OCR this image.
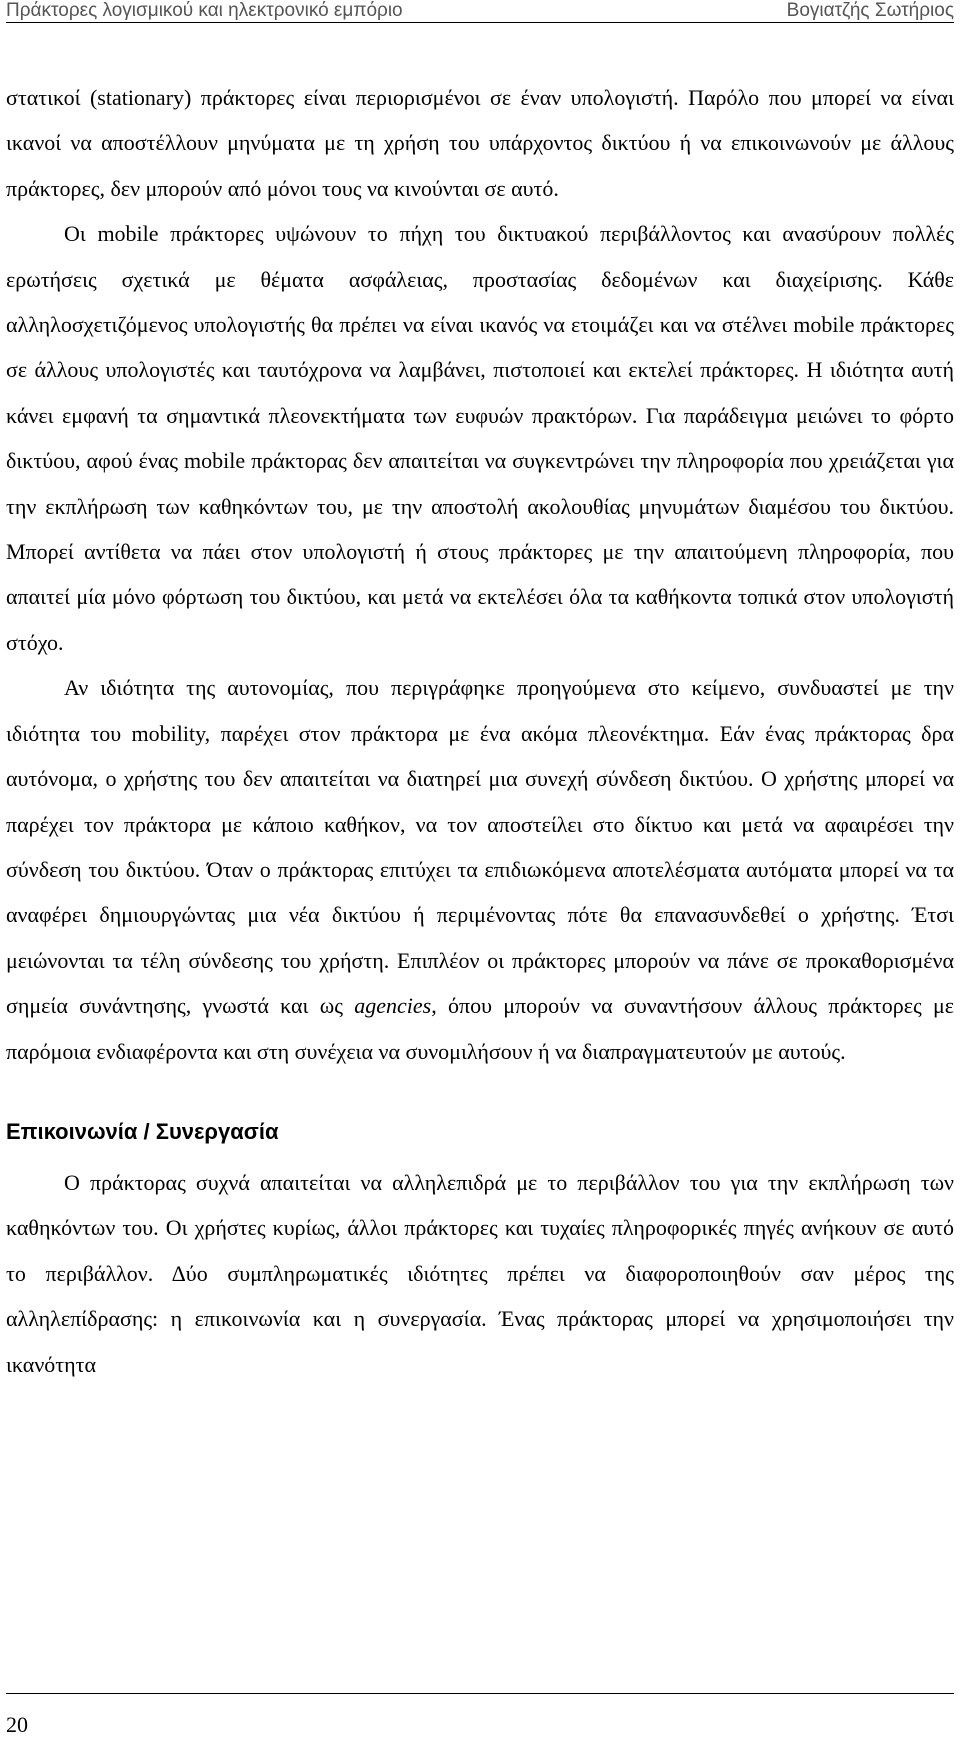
Πράκτορες λογισμικού και ηλεκτρονικό εμπόριο	Βογιατζής Σωτήριος

στατικοί (stationary) πράκτορες είναι περιορισμένοι σε έναν υπολογιστή. Παρόλο που μπορεί να είναι ικανοί να αποστέλλουν μηνύματα με τη χρήση του υπάρχοντος δικτύου ή να επικοινωνούν με άλλους πράκτορες, δεν μπορούν από μόνοι τους να κινούνται σε αυτό.

Οι mobile πράκτορες υψώνουν το πήχη του δικτυακού περιβάλλοντος και ανασύρουν πολλές ερωτήσεις σχετικά με θέματα ασφάλειας, προστασίας δεδομένων και διαχείρισης. Κάθε αλληλοσχετιζόμενος υπολογιστής θα πρέπει να είναι ικανός να ετοιμάζει και να στέλνει mobile πράκτορες σε άλλους υπολογιστές και ταυτόχρονα να λαμβάνει, πιστοποιεί και εκτελεί πράκτορες. Η ιδιότητα αυτή κάνει εμφανή τα σημαντικά πλεονεκτήματα των ευφυών πρακτόρων. Για παράδειγμα μειώνει το φόρτο δικτύου, αφού ένας mobile πράκτορας δεν απαιτείται να συγκεντρώνει την πληροφορία που χρειάζεται για την εκπλήρωση των καθηκόντων του, με την αποστολή ακολουθίας μηνυμάτων διαμέσου του δικτύου. Μπορεί αντίθετα να πάει στον υπολογιστή ή στους πράκτορες με την απαιτούμενη πληροφορία, που απαιτεί μία μόνο φόρτωση του δικτύου, και μετά να εκτελέσει όλα τα καθήκοντα τοπικά στον υπολογιστή στόχο.

Αν ιδιότητα της αυτονομίας, που περιγράφηκε προηγούμενα στο κείμενο, συνδυαστεί με την ιδιότητα του mobility, παρέχει στον πράκτορα με ένα ακόμα πλεονέκτημα. Εάν ένας πράκτορας δρα αυτόνομα, ο χρήστης του δεν απαιτείται να διατηρεί μια συνεχή σύνδεση δικτύου. Ο χρήστης μπορεί να παρέχει τον πράκτορα με κάποιο καθήκον, να τον αποστείλει στο δίκτυο και μετά να αφαιρέσει την σύνδεση του δικτύου. Όταν ο πράκτορας επιτύχει τα επιδιωκόμενα αποτελέσματα αυτόματα μπορεί να τα αναφέρει δημιουργώντας μια νέα δικτύου ή περιμένοντας πότε θα επανασυνδεθεί ο χρήστης. Έτσι μειώνονται τα τέλη σύνδεσης του χρήστη. Επιπλέον οι πράκτορες μπορούν να πάνε σε προκαθορισμένα σημεία συνάντησης, γνωστά και ως agencies, όπου μπορούν να συναντήσουν άλλους πράκτορες με παρόμοια ενδιαφέροντα και στη συνέχεια να συνομιλήσουν ή να διαπραγματευτούν με αυτούς.

Επικοινωνία / Συνεργασία

Ο πράκτορας συχνά απαιτείται να αλληλεπιδρά με το περιβάλλον του για την εκπλήρωση των καθηκόντων του. Οι χρήστες κυρίως, άλλοι πράκτορες και τυχαίες πληροφορικές πηγές ανήκουν σε αυτό το περιβάλλον. Δύο συμπληρωματικές ιδιότητες πρέπει να διαφοροποιηθούν σαν μέρος της αλληλεπίδρασης: η επικοινωνία και η συνεργασία. Ένας πράκτορας μπορεί να χρησιμοποιήσει την ικανότητα

20
